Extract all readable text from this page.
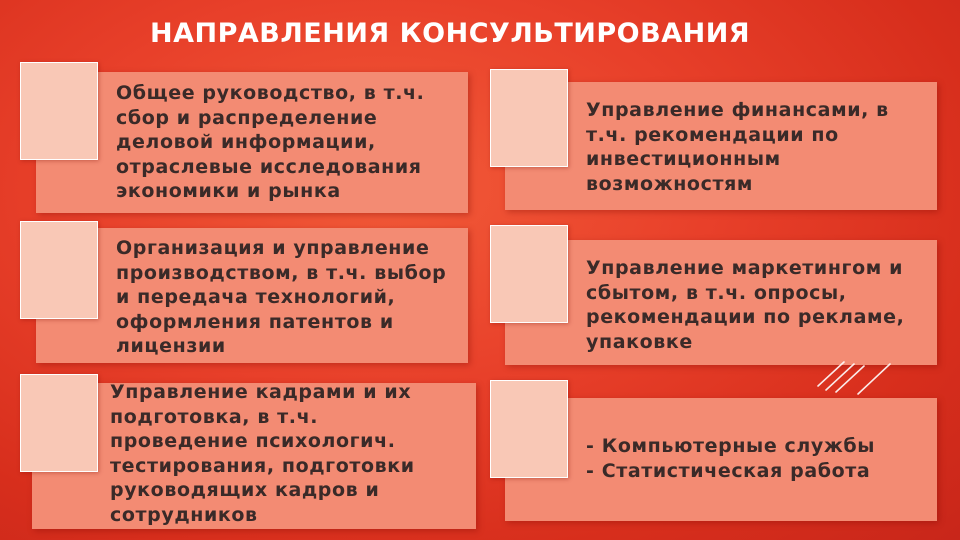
НАПРАВЛЕНИЯ КОНСУЛЬТИРОВАНИЯ
Общее руководство, в т.ч.
сбор и распределение
деловой информации,
отраслевые исследования
экономики и рынка
Управление финансами, в
т.ч. рекомендации по
инвестиционным
возможностям
Организация и управление
производством, в т.ч. выбор
и передача технологий,
оформления патентов и
лицензии
Управление маркетингом и
сбытом, в т.ч. опросы,
рекомендации по рекламе,
упаковке
Управление кадрами и их
подготовка, в т.ч.
проведение психологич.
тестирования, подготовки
руководящих кадров и
сотрудников
- Компьютерные службы
- Статистическая работа
